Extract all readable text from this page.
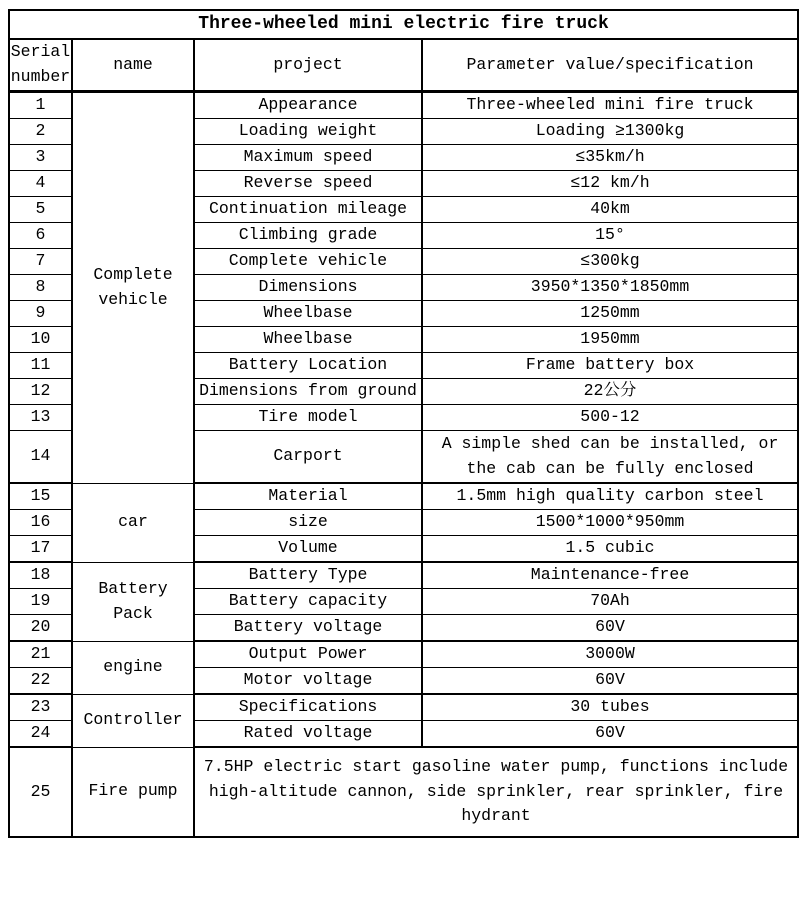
Three-wheeled mini electric fire truck			
Serial number	name	project	Parameter value/specification
1	Complete vehicle	Appearance	Three-wheeled mini fire truck
2		Loading weight	Loading ≥1300kg
3		Maximum speed	≤35km/h
4		Reverse speed	≤12 km/h
5		Continuation mileage	40km
6		Climbing grade	15°
7		Complete vehicle	≤300kg
8		Dimensions	3950*1350*1850mm
9		Wheelbase	1250mm
10		Wheelbase	1950mm
11		Battery Location	Frame battery box
12		Dimensions from ground	22公分
13		Tire model	500-12
14		Carport	A simple shed can be installed, or the cab can be fully enclosed
15	car	Material	1.5mm high quality carbon steel
16		size	1500*1000*950mm
17		Volume	1.5 cubic
18	Battery Pack	Battery Type	Maintenance-free
19		Battery capacity	70Ah
20		Battery voltage	60V
21	engine	Output Power	3000W
22		Motor voltage	60V
23	Controller	Specifications	30 tubes
24		Rated voltage	60V
25	Fire pump	7.5HP electric start gasoline water pump, functions include high-altitude cannon, side sprinkler, rear sprinkler, fire hydrant	
